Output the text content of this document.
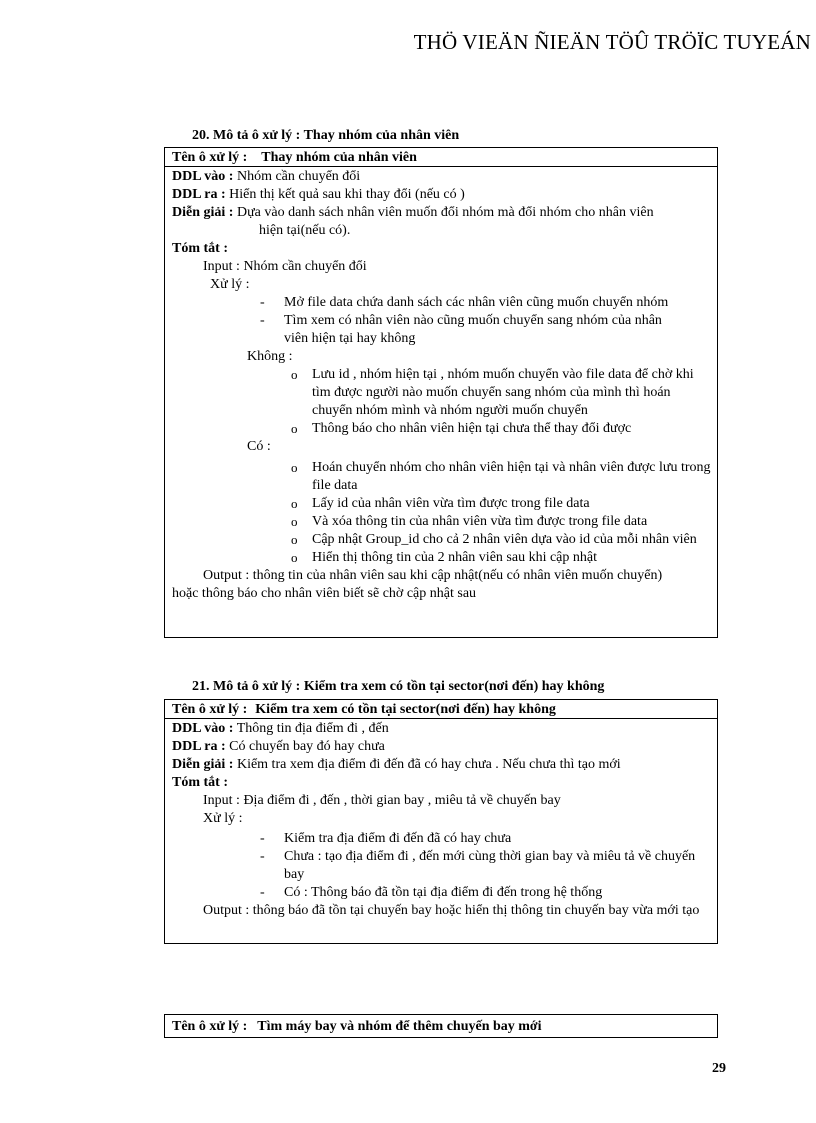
THÖ VIEÄN ÑIEÄN TÖÛ TRÖÏC TUYEÁN
20. Mô tả ô xử lý : Thay nhóm của nhân viên
Tên ô xử lý : Thay nhóm của nhân viên
DDL vào : Nhóm cần chuyển đổi
DDL ra : Hiển thị kết quả sau khi thay đổi (nếu có )
Diễn giải : Dựa vào danh sách nhân viên muốn đổi nhóm mà đổi nhóm cho nhân viên
hiện tại(nếu có).
Tóm tắt :
Input : Nhóm cần chuyển đổi
Xử lý :
-	Mở file data chứa danh sách các nhân viên cũng muốn chuyển nhóm
-	Tìm xem có nhân viên nào cũng muốn chuyển sang nhóm của nhân viên hiện tại hay không
Không :
o Lưu id , nhóm hiện tại , nhóm muốn chuyển vào file data để chờ khi tìm được người nào muốn chuyển sang nhóm của mình thì hoán chuyển nhóm mình và nhóm người muốn chuyển
o Thông báo cho nhân viên hiện tại chưa thể thay đổi được
Có :
o Hoán chuyển nhóm cho nhân viên hiện tại và nhân viên được lưu trong file data
o Lấy id của nhân viên vừa tìm được trong file data
o Và xóa thông tin của nhân viên vừa tìm được trong file data
o Cập nhật Group_id cho cả 2 nhân viên dựa vào id của mỗi nhân viên
o Hiển thị thông tin của 2 nhân viên sau khi cập nhật
Output : thông tin của nhân viên sau khi cập nhật(nếu có nhân viên muốn chuyển)
hoặc thông báo cho nhân viên biết sẽ chờ cập nhật sau
21. Mô tả ô xử lý : Kiểm tra xem có tồn tại sector(nơi đến) hay không
Tên ô xử lý : Kiểm tra xem có tồn tại sector(nơi đến) hay không
DDL vào : Thông tin địa điểm đi , đến
DDL ra : Có chuyến bay đó hay chưa
Diễn giải : Kiểm tra xem địa điểm đi đến đã có hay chưa . Nếu chưa thì tạo mới
Tóm tắt :
Input : Địa điểm đi , đến , thời gian bay , miêu tả về chuyến bay
Xử lý :
-	Kiểm tra địa điểm đi đến đã có hay chưa
-	Chưa : tạo địa điểm đi , đến mới cùng thời gian bay và miêu tả về chuyến bay
-	Có : Thông báo đã tồn tại địa điểm đi đến trong hệ thống
Output : thông báo đã tồn tại chuyến bay hoặc hiển thị thông tin chuyến bay vừa mới tạo
Tên ô xử lý : Tìm máy bay và nhóm để thêm chuyến bay mới
29
